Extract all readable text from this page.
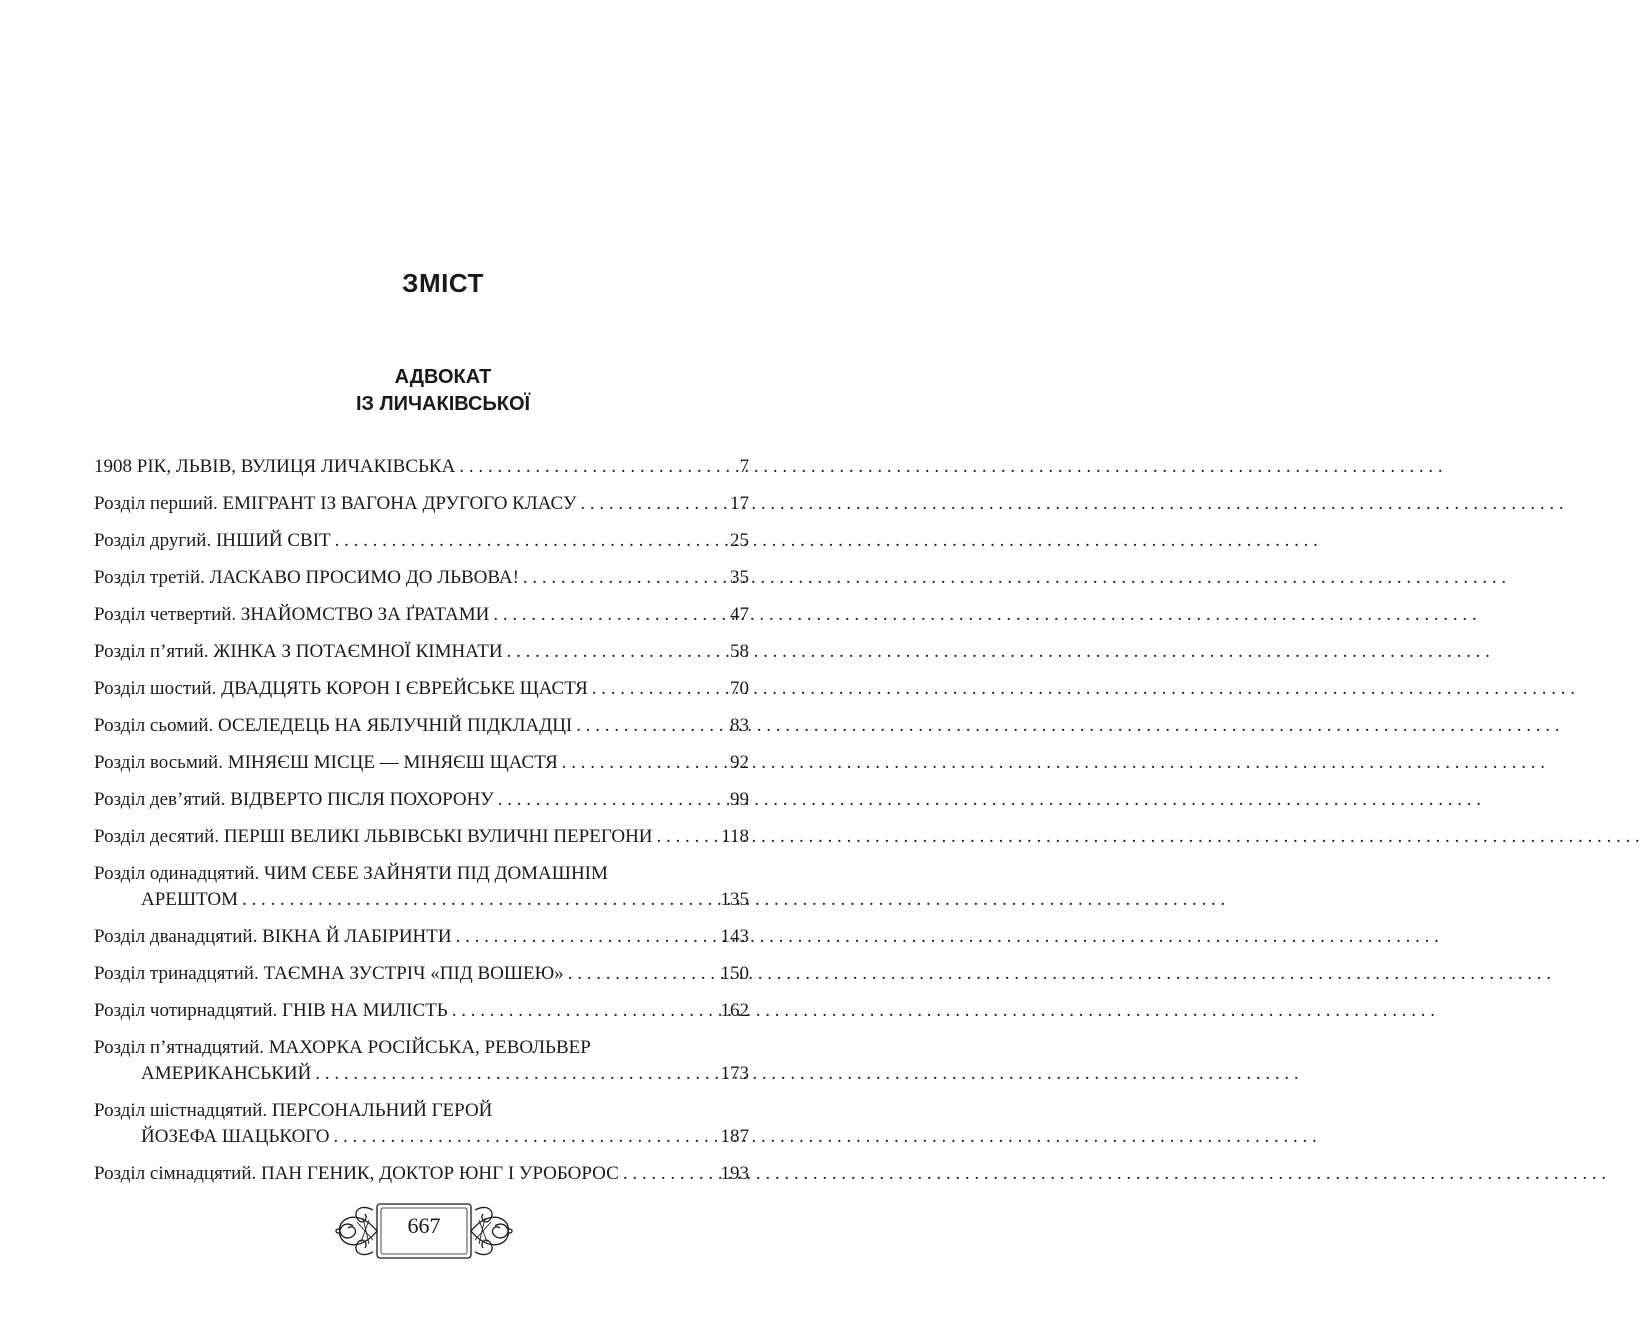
ЗМІСТ
АДВОКАТ
ІЗ ЛИЧАКІВСЬКОЇ
1908 РІК, ЛЬВІВ, ВУЛИЦЯ ЛИЧАКІВСЬКА . . .	7
Розділ перший. ЕМІГРАНТ ІЗ ВАГОНА ДРУГОГО КЛАСУ . . .	17
Розділ другий. ІНШИЙ СВІТ . . .	25
Розділ третій. ЛАСКАВО ПРОСИМО ДО ЛЬВОВА! . . .	35
Розділ четвертий. ЗНАЙОМСТВО ЗА ҐРАТАМИ . . .	47
Розділ п’ятий. ЖІНКА З ПОТАЄМНОЇ КІМНАТИ . . .	58
Розділ шостий. ДВАДЦЯТЬ КОРОН І ЄВРЕЙСЬКЕ ЩАСТЯ . . .	70
Розділ сьомий. ОСЕЛЕДЕЦЬ НА ЯБЛУЧНІЙ ПІДКЛАДЦІ . . .	83
Розділ восьмий. МІНЯЄШ МІСЦЕ — МІНЯЄШ ЩАСТЯ . . .	92
Розділ дев’ятий. ВІДВЕРТО ПІСЛЯ ПОХОРОНУ . . .	99
Розділ десятий. ПЕРШІ ВЕЛИКІ ЛЬВІВСЬКІ ВУЛИЧНІ ПЕРЕГОНИ . . .	118
Розділ одинадцятий. ЧИМ СЕБЕ ЗАЙНЯТИ ПІД ДОМАШНІМ
АРЕШТОМ . . .	135
Розділ дванадцятий. ВІКНА Й ЛАБІРИНТИ . . .	143
Розділ тринадцятий. ТАЄМНА ЗУСТРІЧ «ПІД ВОШЕЮ» . . .	150
Розділ чотирнадцятий. ГНІВ НА МИЛІСТЬ . . .	162
Розділ п’ятнадцятий. МАХОРКА РОСІЙСЬКА, РЕВОЛЬВЕР
АМЕРИКАНСЬКИЙ . . .	173
Розділ шістнадцятий. ПЕРСОНАЛЬНИЙ ГЕРОЙ
ЙОЗЕФА ШАЦЬКОГО . . .	187
Розділ сімнадцятий. ПАН ГЕНИК, ДОКТОР ЮНГ І УРОБОРОС . . .	193
667
